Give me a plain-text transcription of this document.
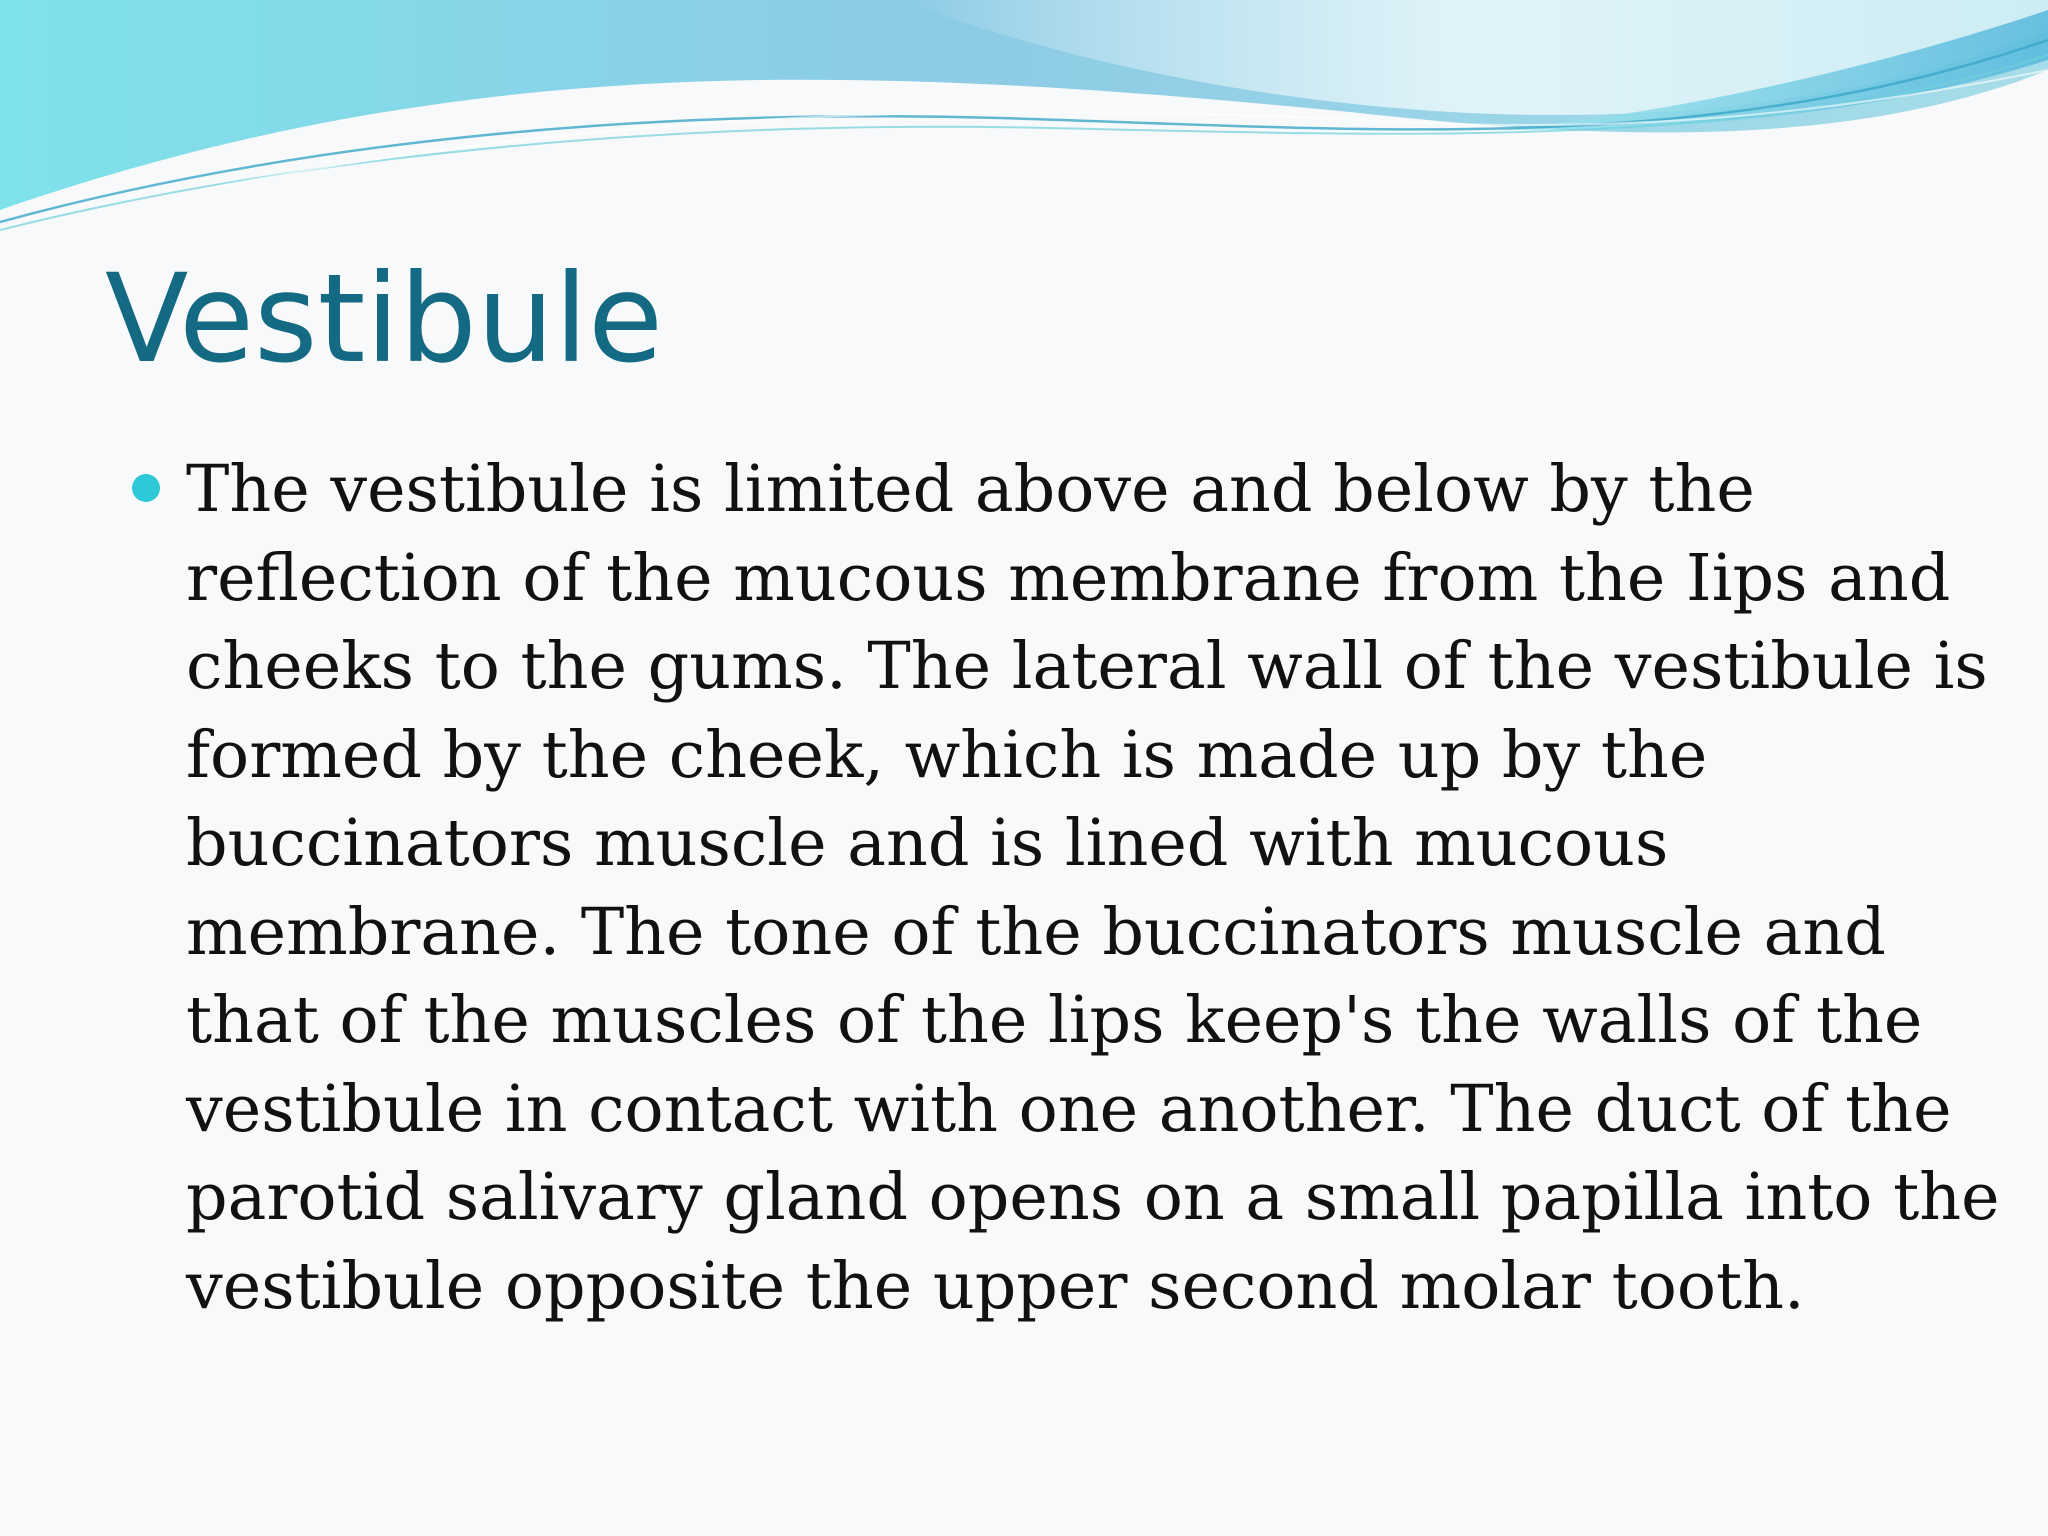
Vestibule
The vestibule is limited above and below by the
reflection of the mucous membrane from the Iips and
cheeks to the gums. The lateral wall of the vestibule is
formed by the cheek, which is made up by the
buccinators muscle and is lined with mucous
membrane. The tone of the buccinators muscle and
that of the muscles of the lips keep's the walls of the
vestibule in contact with one another. The duct of the
parotid salivary gland opens on a small papilla into the
vestibule opposite the upper second molar tooth.
